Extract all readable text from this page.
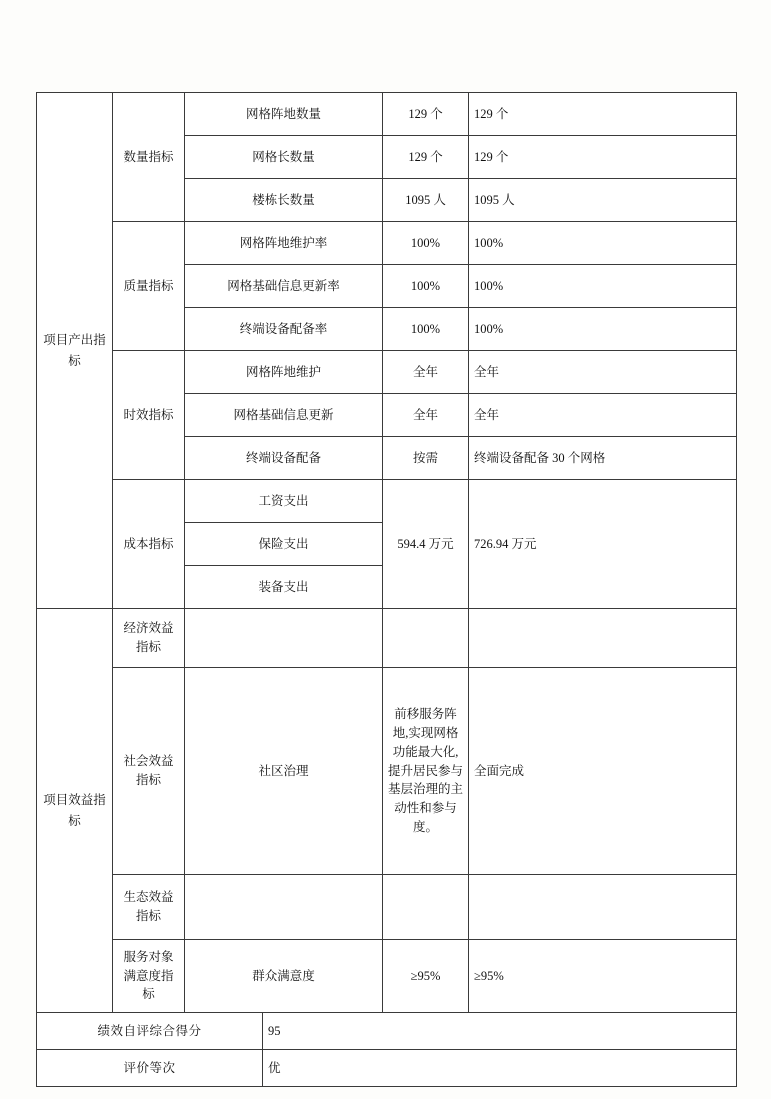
项目产出指标	数量指标	网格阵地数量		129 个	129 个
		网格长数量		129 个	129 个
		楼栋长数量		1095 人	1095 人
	质量指标	网格阵地维护率		100%	100%
		网格基础信息更新率		100%	100%
		终端设备配备率		100%	100%
	时效指标	网格阵地维护		全年	全年
		网格基础信息更新		全年	全年
		终端设备配备		按需	终端设备配备 30 个网格
	成本指标	工资支出		594.4 万元	726.94 万元
		保险支出			
		装备支出			

项目效益指标	经济效益指标				
	社会效益指标	社区治理		前移服务阵地,实现网格功能最大化,提升居民参与基层治理的主动性和参与度。	全面完成
	生态效益指标				
	服务对象满意度指标	群众满意度		≥95%	≥95%
绩效自评综合得分			95		
评价等次			优		
